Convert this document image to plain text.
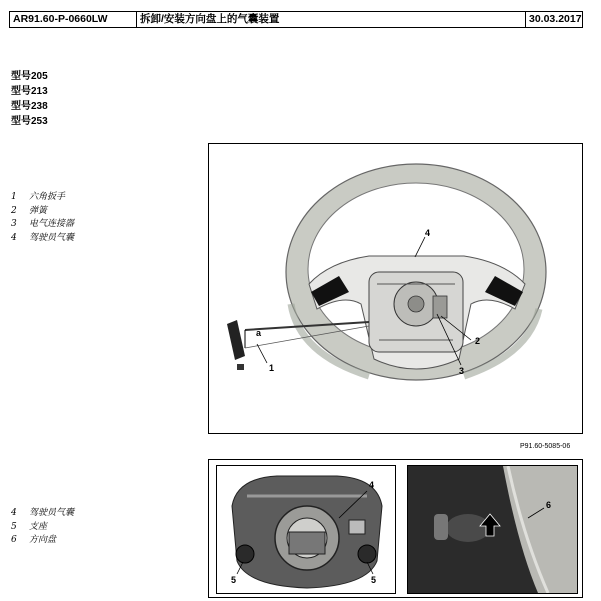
AR91.60-P-0660LW	拆卸/安装方向盘上的气囊装置	30.03.2017
型号205
型号213
型号238
型号253
1	六角扳手
2	弹簧
3	电气连接器
4	驾驶员气囊
1
2
3
4
a
P91.60-5085-06
4	驾驶员气囊
5	支座
6	方向盘
4
5	5
6
